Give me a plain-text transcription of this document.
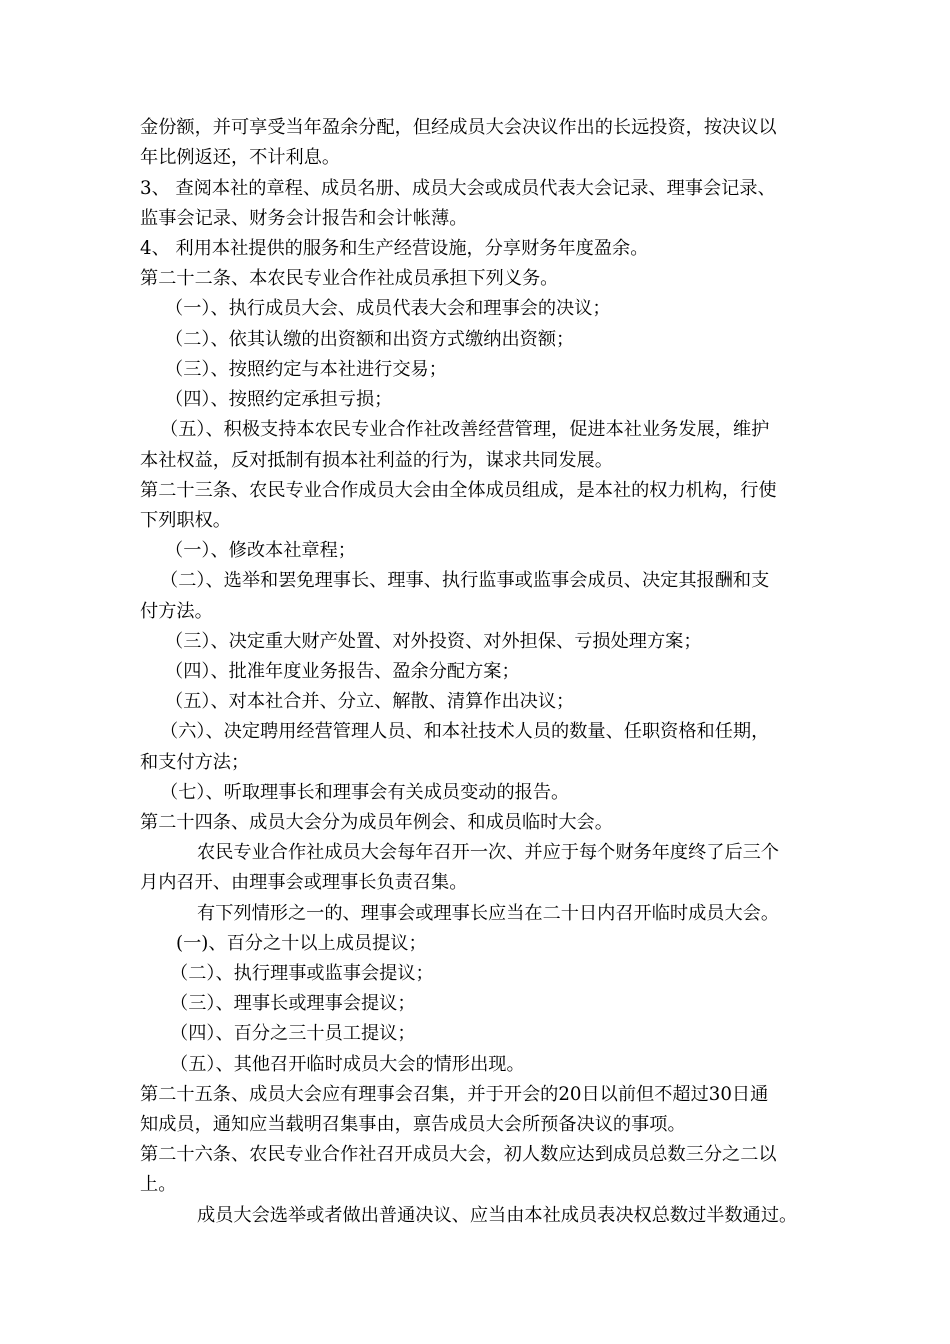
金份额，并可享受当年盈余分配，但经成员大会决议作出的长远投资，按决议以
年比例返还，不计利息。
3、 查阅本社的章程、成员名册、成员大会或成员代表大会记录、理事会记录、
监事会记录、财务会计报告和会计帐薄。
4、 利用本社提供的服务和生产经营设施，分享财务年度盈余。
第二十二条、本农民专业合作社成员承担下列义务。
（一）、执行成员大会、成员代表大会和理事会的决议；
（二）、依其认缴的出资额和出资方式缴纳出资额；
（三）、按照约定与本社进行交易；
（四）、按照约定承担亏损；
（五）、积极支持本农民专业合作社改善经营管理，促进本社业务发展，维护
本社权益，反对抵制有损本社利益的行为，谋求共同发展。
第二十三条、农民专业合作成员大会由全体成员组成，是本社的权力机构，行使
下列职权。
（一）、修改本社章程；
（二）、选举和罢免理事长、理事、执行监事或监事会成员、决定其报酬和支
付方法。
（三）、决定重大财产处置、对外投资、对外担保、亏损处理方案；
（四）、批准年度业务报告、盈余分配方案；
（五）、对本社合并、分立、解散、清算作出决议；
（六）、决定聘用经营管理人员、和本社技术人员的数量、任职资格和任期，
和支付方法；
（七）、听取理事长和理事会有关成员变动的报告。
第二十四条、成员大会分为成员年例会、和成员临时大会。
农民专业合作社成员大会每年召开一次、并应于每个财务年度终了后三个
月内召开、由理事会或理事长负责召集。
有下列情形之一的、理事会或理事长应当在二十日内召开临时成员大会。
(一)、百分之十以上成员提议；
（二）、执行理事或监事会提议；
（三）、理事长或理事会提议；
（四）、百分之三十员工提议；
（五）、其他召开临时成员大会的情形出现。
第二十五条、成员大会应有理事会召集，并于开会的20日以前但不超过30日通
知成员，通知应当载明召集事由，禀告成员大会所预备决议的事项。
第二十六条、农民专业合作社召开成员大会，初人数应达到成员总数三分之二以
上。
成员大会选举或者做出普通决议、应当由本社成员表决权总数过半数通过。
